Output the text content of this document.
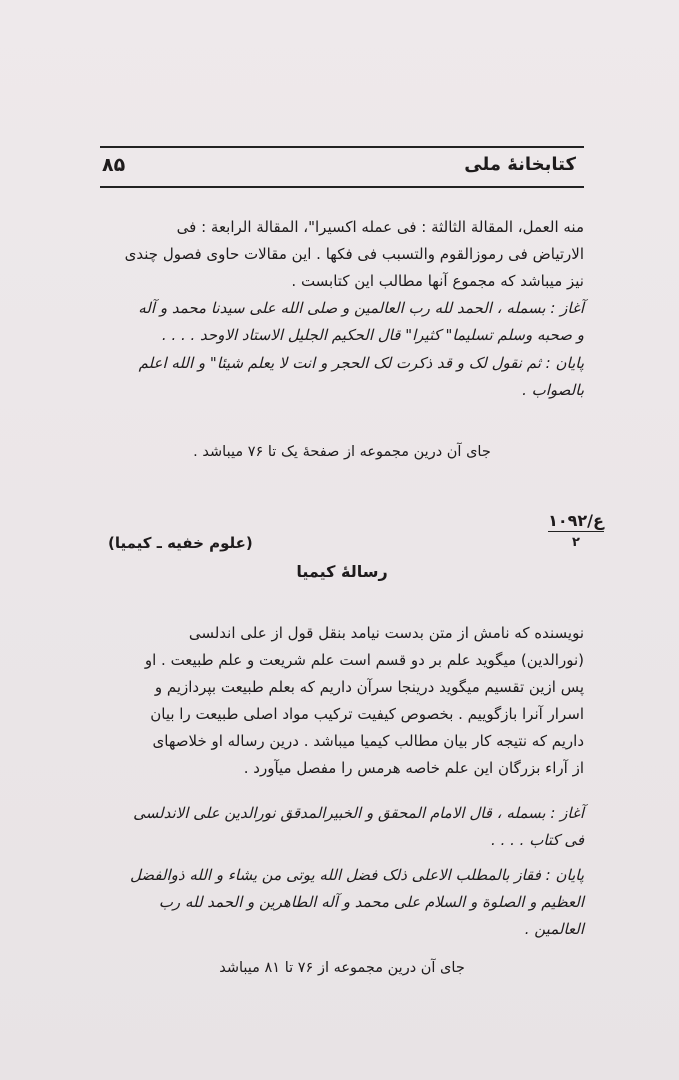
کتابخانهٔ ملی
۸۵

منه العمل، المقالة الثالثة : فی عمله اکسیرا"، المقالة الرابعة : فی

الارتیاض فی رموزالقوم والتسبب فی فکها . این مقالات حاوی فصول چندی

نیز میباشد که مجموع آنها مطالب این کتابست .

آغاز : بسمله ، الحمد لله رب العالمین و صلی الله علی سیدنا محمد و آله

و صحبه وسلم تسلیما" کثیرا" قال الحکیم الجلیل الاستاد الاوحد . . . .

پایان : ثم نقول لک و قد ذکرت لک الحجر و انت لا یعلم شیئا" و الله اعلم

بالصواب .

جای آن درین مجموعه از صفحهٔ یک تا ۷۶ میباشد .
ع/۱۰۹۲
۲
(علوم خفیه ـ کیمیا)
رسالهٔ کیمیا

نویسنده که نامش از متن بدست نیامد بنقل قول از علی اندلسی

(نورالدین) میگوید علم بر دو قسم است علم شریعت و علم طبیعت . او

پس ازین تقسیم میگوید درینجا سرآن داریم که بعلم طبیعت بپردازیم و

اسرار آنرا بازگوییم . بخصوص کیفیت ترکیب مواد اصلی طبیعت را بیان

داریم که نتیجه کار بیان مطالب کیمیا میباشد . درین رساله او خلاصهای

از آراء بزرگان این علم خاصه هرمس را مفصل میآورد .

آغاز : بسمله ، قال الامام المحقق و الخبیرالمدقق نورالدین علی الاندلسی

فی کتاب . . . .

پایان : فقاز بالمطلب الاعلی ذلک فضل الله یوتی من یشاء و الله ذوالفضل

العظیم و الصلوة و السلام علی محمد و آله الطاهرین و الحمد لله رب

العالمین .

جای آن درین مجموعه از ۷۶ تا ۸۱ میباشد
